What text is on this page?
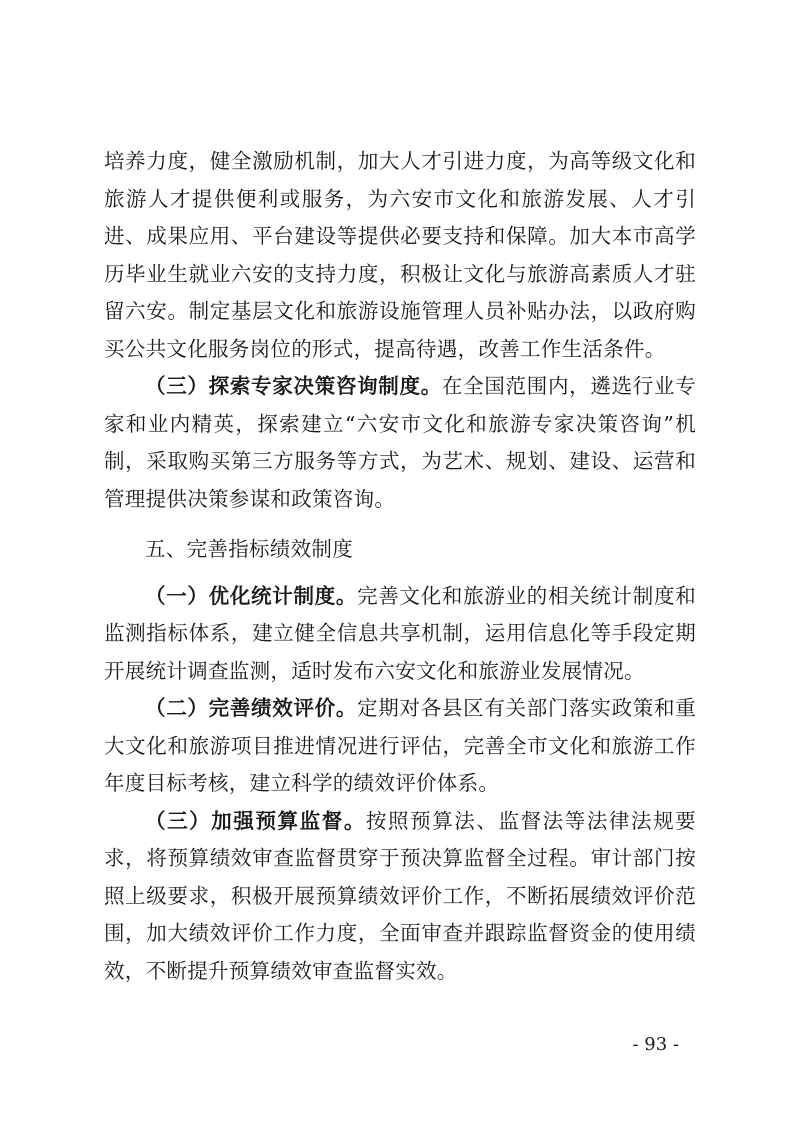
培养力度，健全激励机制，加大人才引进力度，为高等级文化和旅游人才提供便利或服务，为六安市文化和旅游发展、人才引进、成果应用、平台建设等提供必要支持和保障。加大本市高学历毕业生就业六安的支持力度，积极让文化与旅游高素质人才驻留六安。制定基层文化和旅游设施管理人员补贴办法，以政府购买公共文化服务岗位的形式，提高待遇，改善工作生活条件。

（三）探索专家决策咨询制度。在全国范围内，遴选行业专家和业内精英，探索建立“六安市文化和旅游专家决策咨询”机制，采取购买第三方服务等方式，为艺术、规划、建设、运营和管理提供决策参谋和政策咨询。

五、完善指标绩效制度

（一）优化统计制度。完善文化和旅游业的相关统计制度和监测指标体系，建立健全信息共享机制，运用信息化等手段定期开展统计调查监测，适时发布六安文化和旅游业发展情况。

（二）完善绩效评价。定期对各县区有关部门落实政策和重大文化和旅游项目推进情况进行评估，完善全市文化和旅游工作年度目标考核，建立科学的绩效评价体系。

（三）加强预算监督。按照预算法、监督法等法律法规要求，将预算绩效审查监督贯穿于预决算监督全过程。审计部门按照上级要求，积极开展预算绩效评价工作，不断拓展绩效评价范围，加大绩效评价工作力度，全面审查并跟踪监督资金的使用绩效，不断提升预算绩效审查监督实效。

- 93 -
